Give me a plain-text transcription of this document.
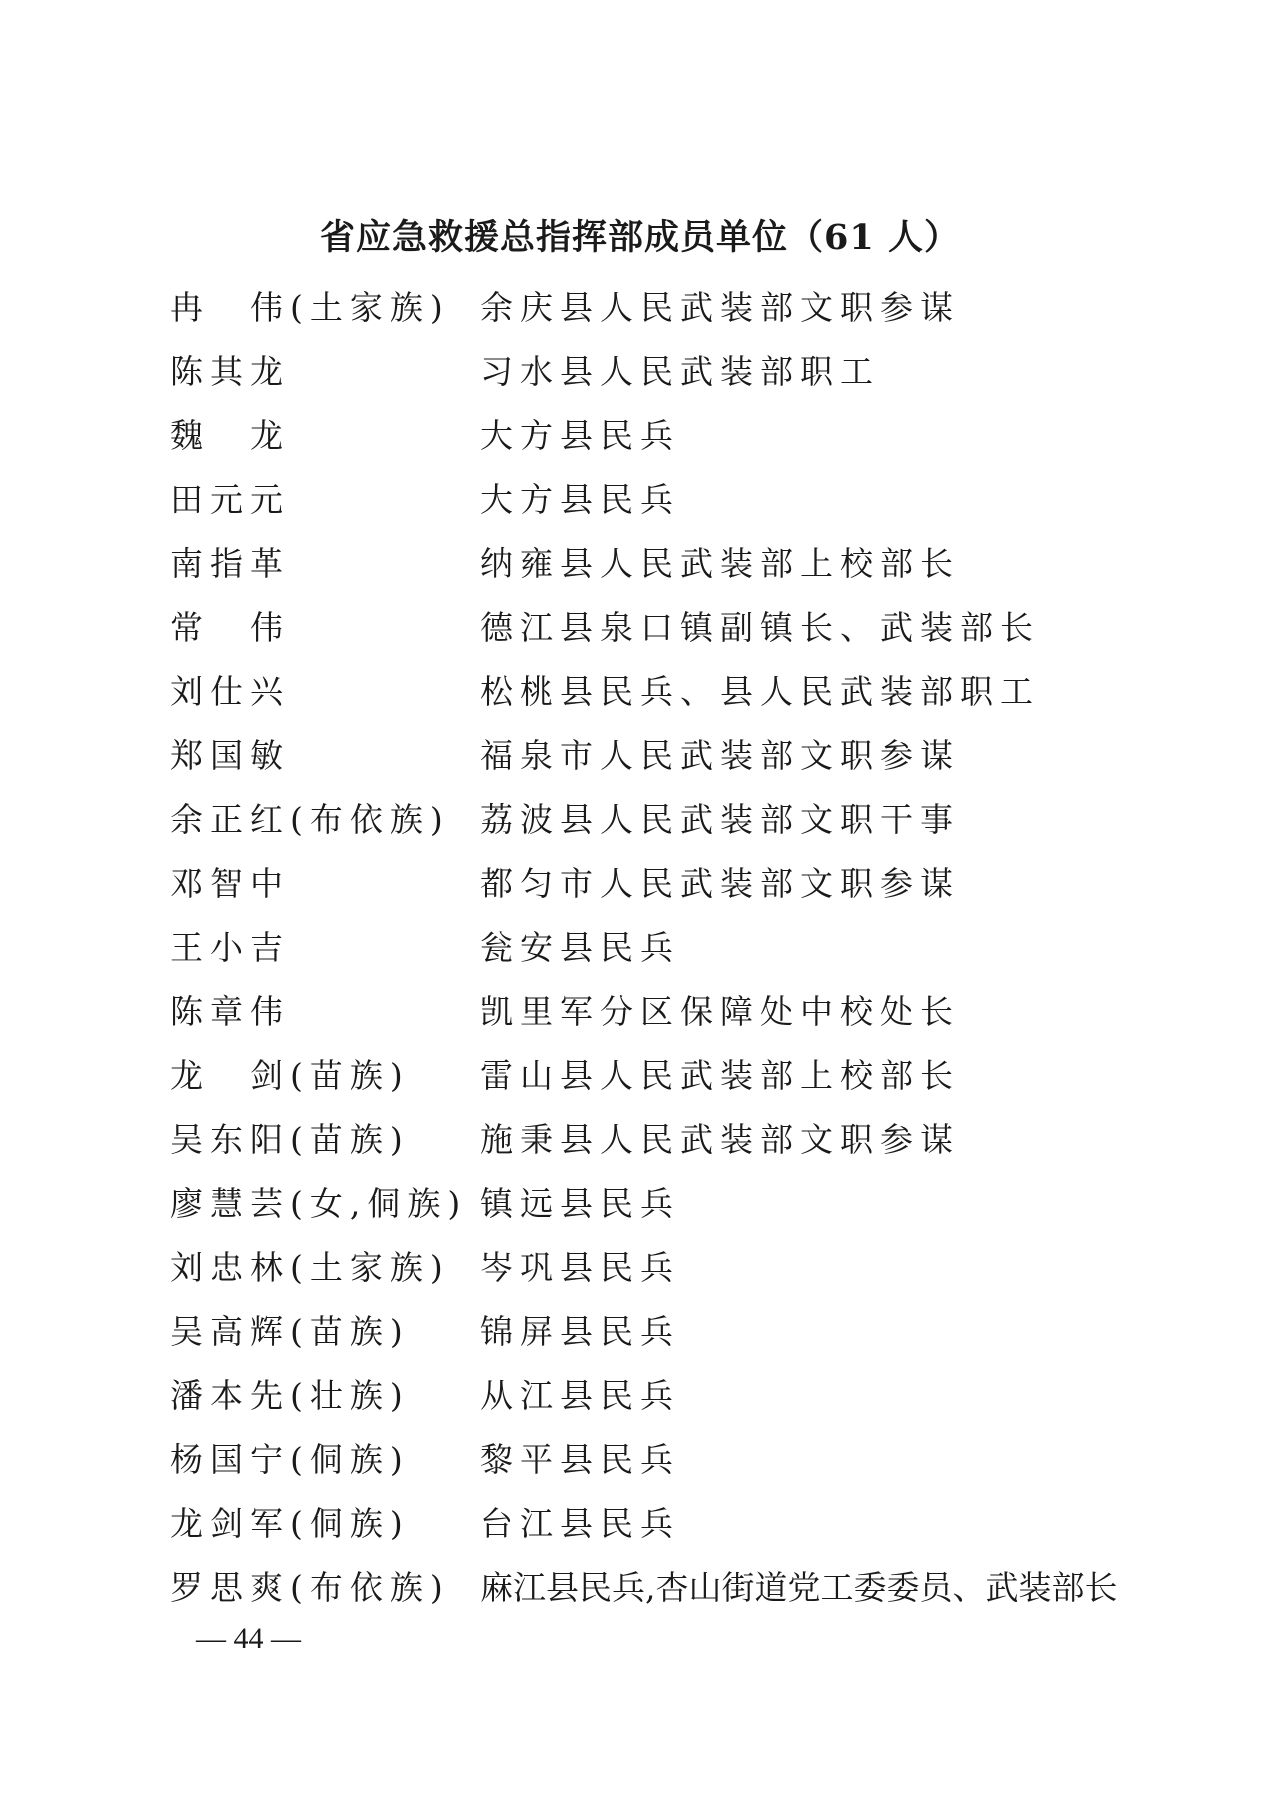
省应急救援总指挥部成员单位（61 人）
冉　伟(土家族) 余庆县人民武装部文职参谋
陈其龙	习水县人民武装部职工
魏　龙	大方县民兵
田元元	大方县民兵
南指革	纳雍县人民武装部上校部长
常　伟	德江县泉口镇副镇长、武装部长
刘仕兴	松桃县民兵、县人民武装部职工
郑国敏	福泉市人民武装部文职参谋
余正红(布依族) 荔波县人民武装部文职干事
邓智中	都匀市人民武装部文职参谋
王小吉	瓮安县民兵
陈章伟	凯里军分区保障处中校处长
龙　剑(苗族)	雷山县人民武装部上校部长
吴东阳(苗族)	施秉县人民武装部文职参谋
廖慧芸(女,侗族) 镇远县民兵
刘忠林(土家族) 岑巩县民兵
吴高辉(苗族)	锦屏县民兵
潘本先(壮族)	从江县民兵
杨国宁(侗族)	黎平县民兵
龙剑军(侗族)	台江县民兵
罗思爽(布依族) 麻江县民兵,杏山街道党工委委员、武装部长
— 44 —
